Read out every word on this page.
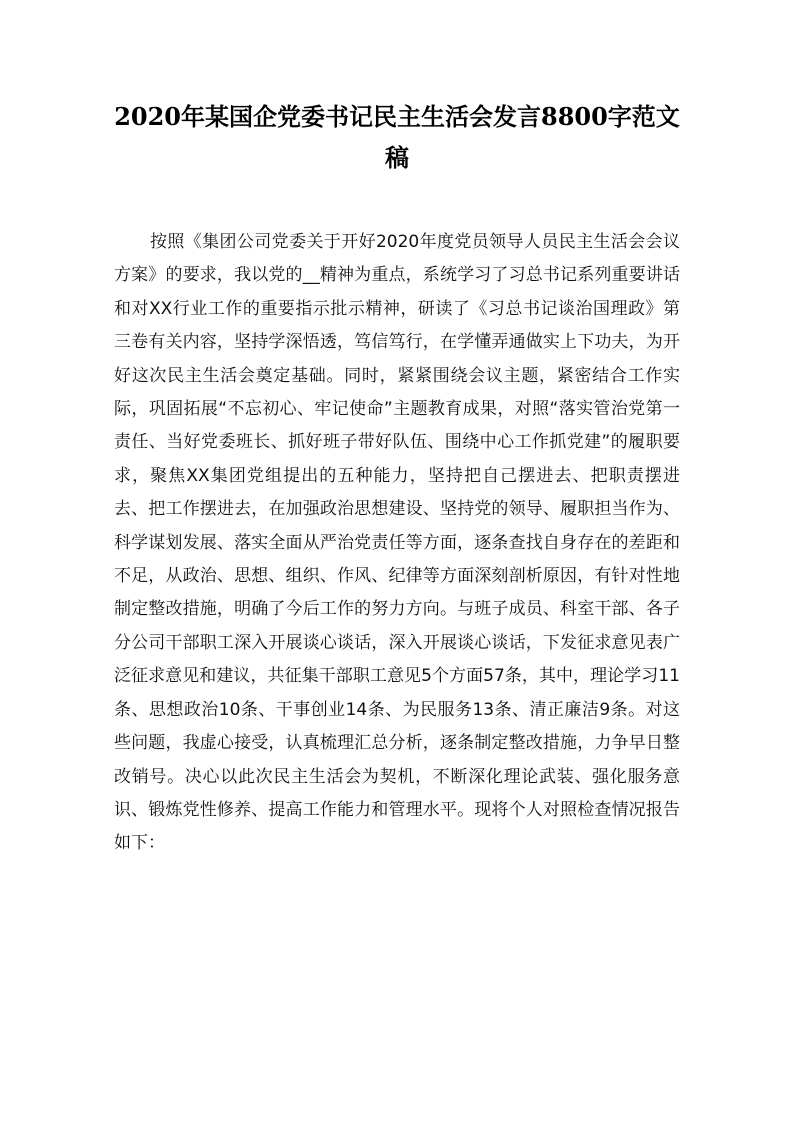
2020年某国企党委书记民主生活会发言8800字范文稿

按照《集团公司党委关于开好2020年度党员领导人员民主生活会会议方案》的要求，我以党的__精神为重点，系统学习了习总书记系列重要讲话和对XX行业工作的重要指示批示精神，研读了《习总书记谈治国理政》第三卷有关内容，坚持学深悟透，笃信笃行，在学懂弄通做实上下功夫，为开好这次民主生活会奠定基础。同时，紧紧围绕会议主题，紧密结合工作实际，巩固拓展“不忘初心、牢记使命”主题教育成果，对照“落实管治党第一责任、当好党委班长、抓好班子带好队伍、围绕中心工作抓党建”的履职要求，聚焦XX集团党组提出的五种能力，坚持把自己摆进去、把职责摆进去、把工作摆进去，在加强政治思想建设、坚持党的领导、履职担当作为、科学谋划发展、落实全面从严治党责任等方面，逐条查找自身存在的差距和不足，从政治、思想、组织、作风、纪律等方面深刻剖析原因，有针对性地制定整改措施，明确了今后工作的努力方向。与班子成员、科室干部、各子分公司干部职工深入开展谈心谈话，深入开展谈心谈话，下发征求意见表广泛征求意见和建议，共征集干部职工意见5个方面57条，其中，理论学习11条、思想政治10条、干事创业14条、为民服务13条、清正廉洁9条。对这些问题，我虚心接受，认真梳理汇总分析，逐条制定整改措施，力争早日整改销号。决心以此次民主生活会为契机，不断深化理论武装、强化服务意识、锻炼党性修养、提高工作能力和管理水平。现将个人对照检查情况报告如下：
